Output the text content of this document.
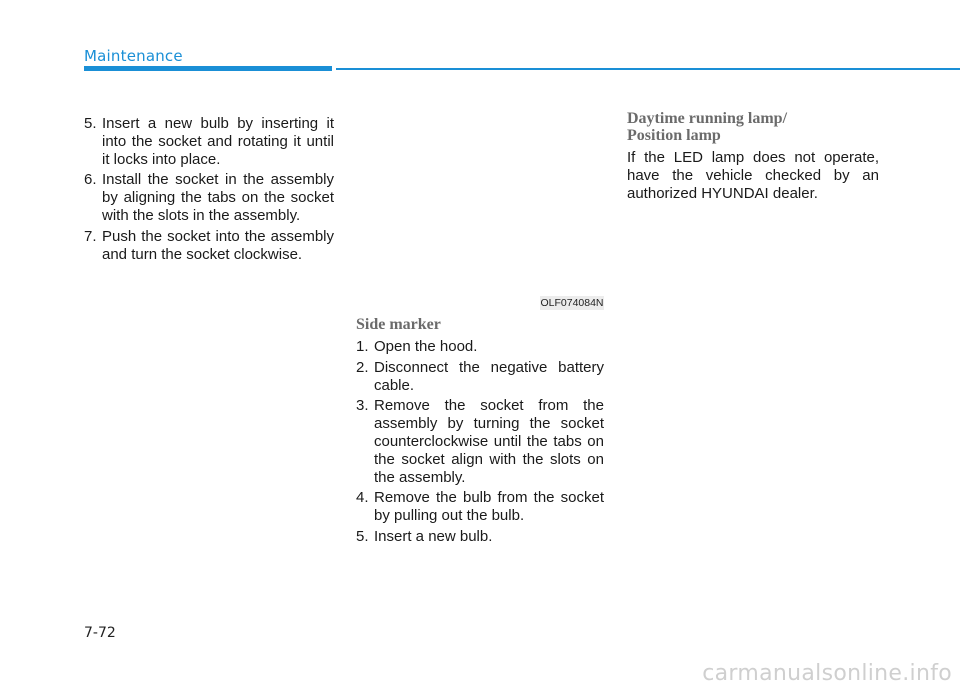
Maintenance
5. Insert a new bulb by inserting it into the socket and rotating it until it locks into place.
6. Install the socket in the assembly by aligning the tabs on the socket with the slots in the assembly.
7. Push the socket into the assembly and turn the socket clockwise.
OLF074084N
Side marker
1. Open the hood.
2. Disconnect the negative battery cable.
3. Remove the socket from the assembly by turning the socket counterclockwise until the tabs on the socket align with the slots on the assembly.
4. Remove the bulb from the socket by pulling out the bulb.
5. Insert a new bulb.
Daytime running lamp/
Position lamp
If the LED lamp does not operate, have the vehicle checked by an authorized HYUNDAI dealer.
7-72
carmanualsonline.info
